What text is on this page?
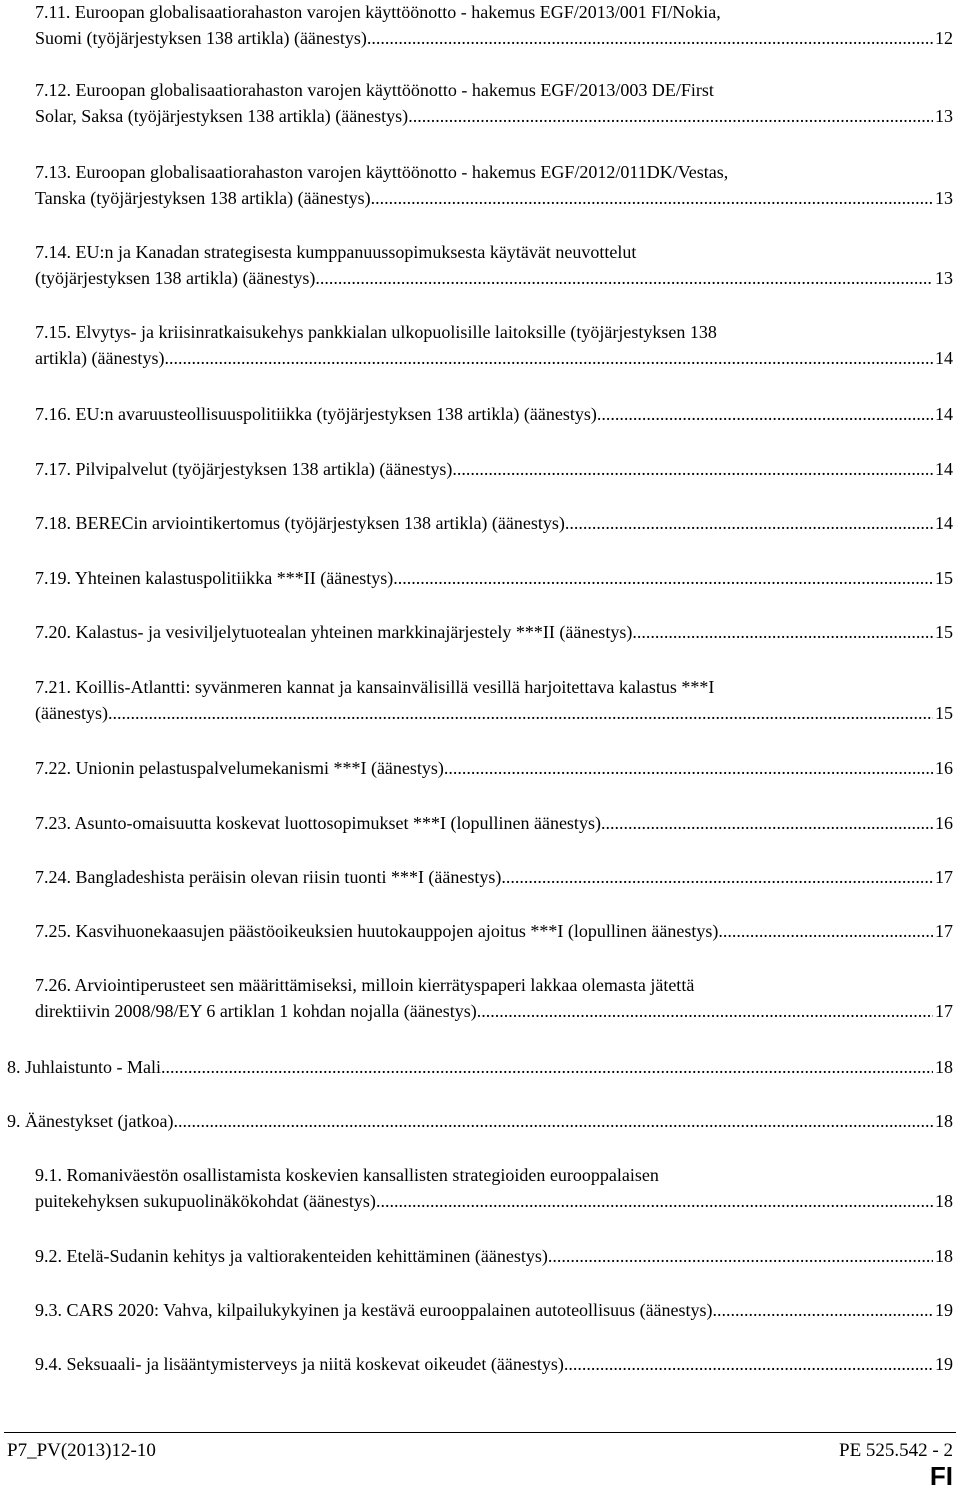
7.11. Euroopan globalisaatiorahaston varojen käyttöönotto - hakemus EGF/2013/001 FI/Nokia,
Suomi (työjärjestyksen 138 artikla) (äänestys) .....	12
7.12. Euroopan globalisaatiorahaston varojen käyttöönotto - hakemus EGF/2013/003 DE/First
Solar, Saksa (työjärjestyksen 138 artikla) (äänestys) .....	13
7.13. Euroopan globalisaatiorahaston varojen käyttöönotto - hakemus EGF/2012/011DK/Vestas,
Tanska (työjärjestyksen 138 artikla) (äänestys) .....	13
7.14. EU:n ja Kanadan strategisesta kumppanuussopimuksesta käytävät neuvottelut
(työjärjestyksen 138 artikla) (äänestys) .....	13
7.15. Elvytys- ja kriisinratkaisukehys pankkialan ulkopuolisille laitoksille (työjärjestyksen 138
artikla) (äänestys) .....	14
7.16. EU:n avaruusteollisuuspolitiikka (työjärjestyksen 138 artikla) (äänestys) .....	14
7.17. Pilvipalvelut (työjärjestyksen 138 artikla) (äänestys) .....	14
7.18. BERECin arviointikertomus (työjärjestyksen 138 artikla) (äänestys) .....	14
7.19. Yhteinen kalastuspolitiikka ***II (äänestys) .....	15
7.20. Kalastus- ja vesiviljelytuotealan yhteinen markkinajärjestely ***II (äänestys) .....	15
7.21. Koillis-Atlantti: syvänmeren kannat ja kansainvälisillä vesillä harjoitettava kalastus ***I
(äänestys) .....	15
7.22. Unionin pelastuspalvelumekanismi ***I (äänestys) .....	16
7.23. Asunto-omaisuutta koskevat luottosopimukset ***I (lopullinen äänestys) .....	16
7.24. Bangladeshista peräisin olevan riisin tuonti ***I (äänestys) .....	17
7.25. Kasvihuonekaasujen päästöoikeuksien huutokauppojen ajoitus ***I (lopullinen äänestys) .....	17
7.26. Arviointiperusteet sen määrittämiseksi, milloin kierrätyspaperi lakkaa olemasta jätettä
direktiivin 2008/98/EY 6 artiklan 1 kohdan nojalla (äänestys) .....	17
8. Juhlaistunto - Mali .....	18
9. Äänestykset (jatkoa) .....	18
9.1. Romaniväestön osallistamista koskevien kansallisten strategioiden eurooppalaisen
puitekehyksen sukupuolinäkökohdat (äänestys) .....	18
9.2. Etelä-Sudanin kehitys ja valtiorakenteiden kehittäminen (äänestys) .....	18
9.3. CARS 2020: Vahva, kilpailukykyinen ja kestävä eurooppalainen autoteollisuus (äänestys) .....	19
9.4. Seksuaali- ja lisääntymisterveys ja niitä koskevat oikeudet (äänestys) .....	19
P7_PV(2013)12-10	PE 525.542 - 2
FI
